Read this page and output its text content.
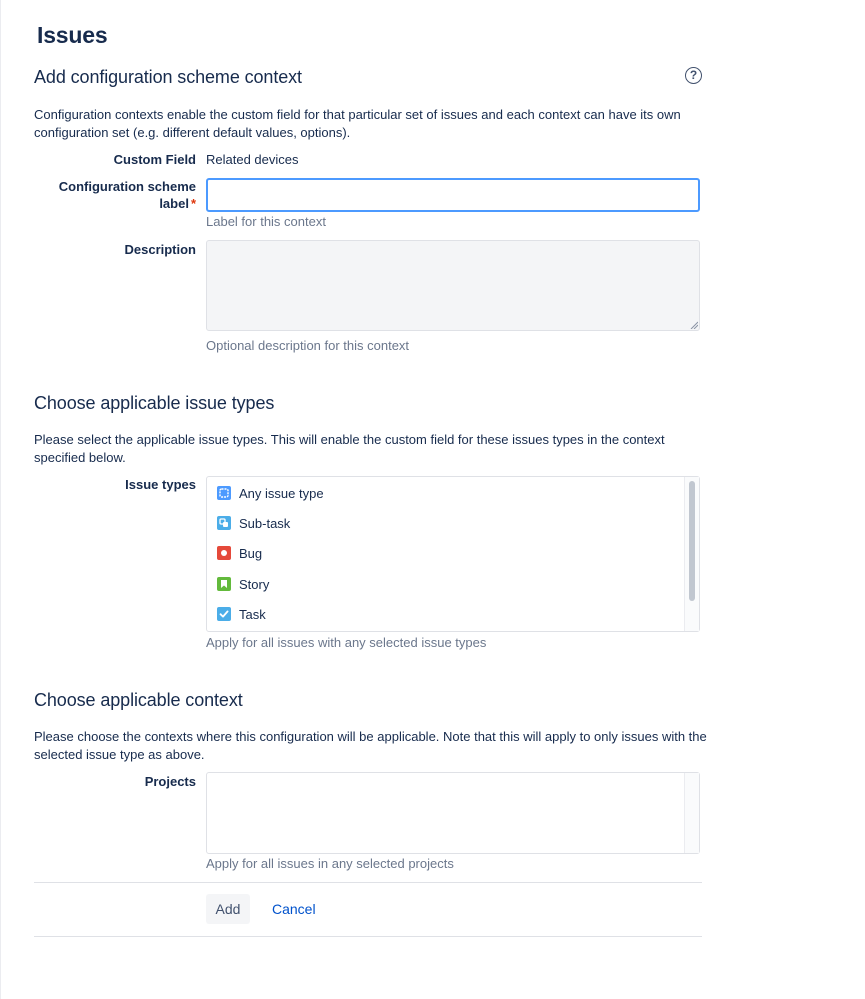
Issues
Add configuration scheme context	?
Configuration contexts enable the custom field for that particular set of issues and each context can have its own configuration set (e.g. different default values, options).
Custom Field Related devices
Configuration scheme
label *
Label for this context
Description
Optional description for this context
Choose applicable issue types
Please select the applicable issue types. This will enable the custom field for these issues types in the context specified below.
Issue types
Any issue type
Sub-task
Bug
Story
Task
Apply for all issues with any selected issue types
Choose applicable context
Please choose the contexts where this configuration will be applicable. Note that this will apply to only issues with the selected issue type as above.
Projects
Apply for all issues in any selected projects
Add	Cancel
